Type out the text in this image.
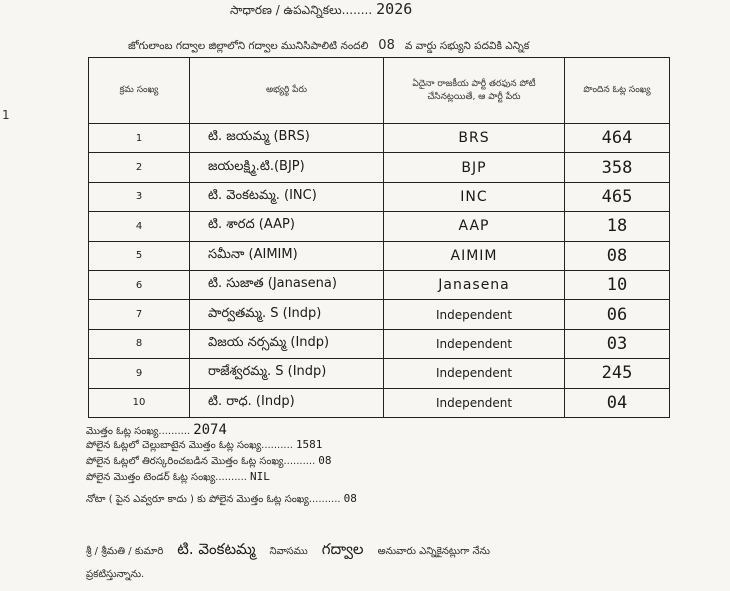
1
సాధారణ / ఉపఎన్నికలు........ 2026
జోగులాంబ గద్వాల జిల్లాలోని గద్వాల మునిసిపాలిటి నందలి 08 వ వార్డు సభ్యుని పదవికి ఎన్నిక
క్రమ సంఖ్య	అభ్యర్థి పేరు	ఏదైనా రాజకీయ పార్టీ తరఫున పోటీ చేసినట్లయితే, ఆ పార్టీ పేరు	పొందిన ఓట్ల సంఖ్య
1	టి. జయమ్మ (BRS)	BRS	464
2	జయలక్ష్మి.టి.(BJP)	BJP	358
3	టి. వెంకటమ్మ. (INC)	INC	465
4	టి. శారద (AAP)	AAP	18
5	సమీనా (AIMIM)	AIMIM	08
6	టి. సుజాత (Janasena)	Janasena	10
7	పార్వతమ్మ. S (Indp)	Independent	06
8	విజయ నర్సమ్మ (Indp)	Independent	03
9	రాజేశ్వరమ్మ. S (Indp)	Independent	245
10	టి. రాధ. (Indp)	Independent	04
మొత్తం ఓట్ల సంఖ్య.......... 2074
పోలైన ఓట్లలో చెల్లుబాటైన మొత్తం ఓట్ల సంఖ్య.......... 1581
పోలైన ఓట్లలో తిరస్కరించబడిన మొత్తం ఓట్ల సంఖ్య.......... 08
పోలైన మొత్తం టెండర్ ఓట్ల సంఖ్య.......... NIL
నోటా ( పైన ఎవ్వరూ కాదు ) కు పోలైన మొత్తం ఓట్ల సంఖ్య.......... 08
శ్రీ / శ్రీమతి / కుమారి టి. వెంకటమ్మ నివాసము గద్వాల అనువారు ఎన్నికైనట్లుగా నేను
ప్రకటిస్తున్నాను.
